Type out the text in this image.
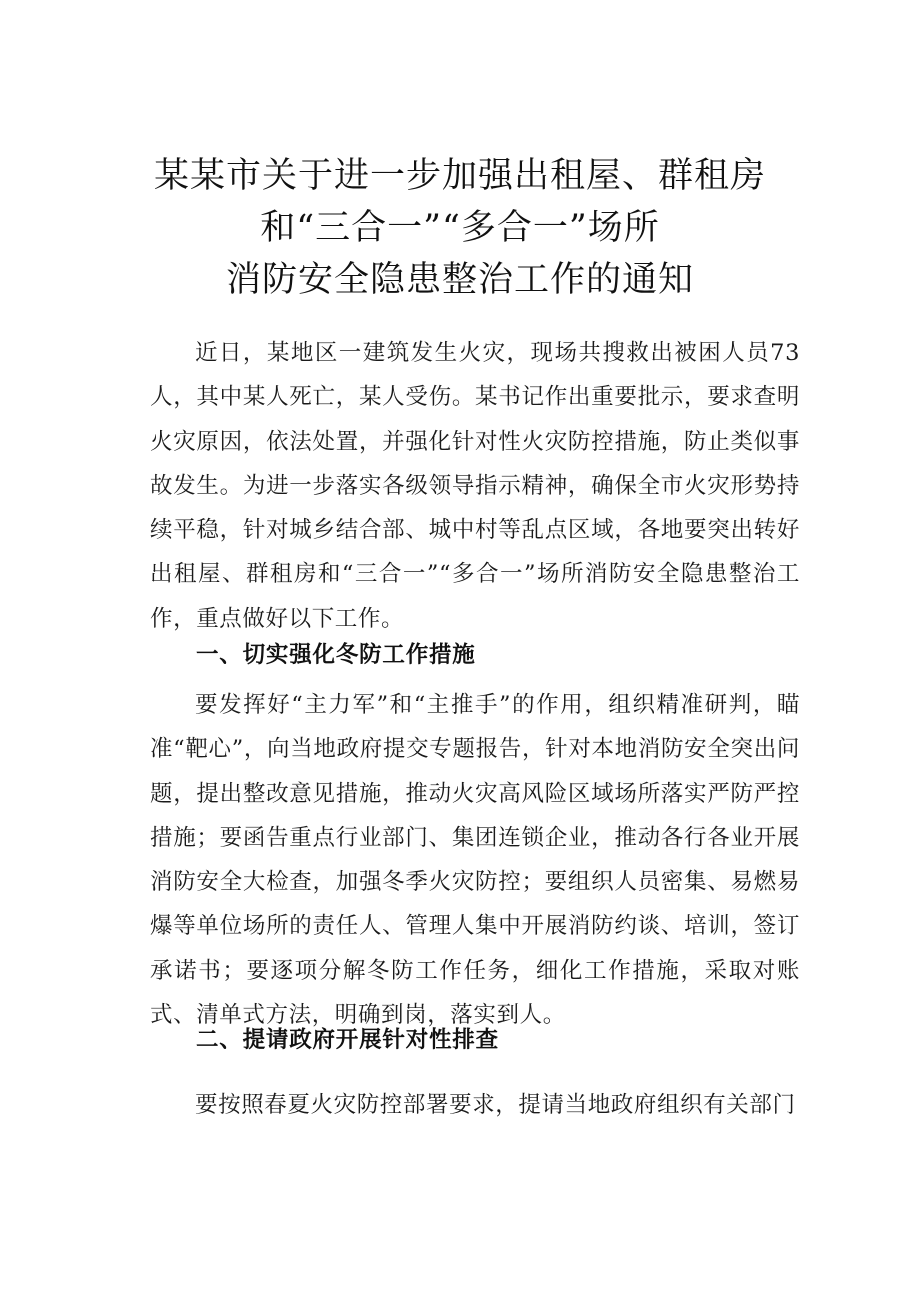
某某市关于进一步加强出租屋、群租房
和“三合一”“多合一”场所
消防安全隐患整治工作的通知

近日，某地区一建筑发生火灾，现场共搜救出被困人员73人，其中某人死亡，某人受伤。某书记作出重要批示，要求查明火灾原因，依法处置，并强化针对性火灾防控措施，防止类似事故发生。为进一步落实各级领导指示精神，确保全市火灾形势持续平稳，针对城乡结合部、城中村等乱点区域，各地要突出转好出租屋、群租房和“三合一”“多合一”场所消防安全隐患整治工作，重点做好以下工作。

一、切实强化冬防工作措施

要发挥好“主力军”和“主推手”的作用，组织精准研判，瞄准“靶心”，向当地政府提交专题报告，针对本地消防安全突出问题，提出整改意见措施，推动火灾高风险区域场所落实严防严控措施；要函告重点行业部门、集团连锁企业，推动各行各业开展消防安全大检查，加强冬季火灾防控；要组织人员密集、易燃易爆等单位场所的责任人、管理人集中开展消防约谈、培训，签订承诺书；要逐项分解冬防工作任务，细化工作措施，采取对账式、清单式方法，明确到岗，落实到人。

二、提请政府开展针对性排查

要按照春夏火灾防控部署要求，提请当地政府组织有关部门
